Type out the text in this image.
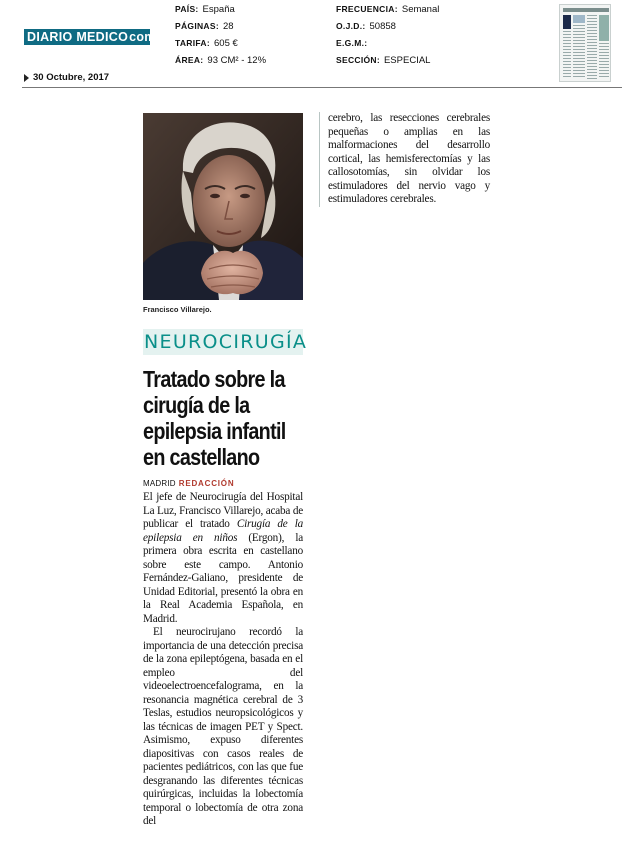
DIARIO MEDICOcom
PAÍS: España
PÁGINAS: 28
TARIFA: 605 €
ÁREA: 93 CM² - 12%
FRECUENCIA: Semanal
O.J.D.: 50858
E.G.M.:
SECCIÓN: ESPECIAL
30 Octubre, 2017
Francisco Villarejo.
NEUROCIRUGÍA
Tratado sobre la
cirugía de la
epilepsia infantil
en castellano
MADRID REDACCIÓN

El jefe de Neurocirugía del Hospital La Luz, Francisco Villarejo, acaba de publicar el tratado Cirugía de la epilepsia en niños (Ergon), la primera obra escrita en castellano sobre este campo. Antonio Fernández-Galiano, presidente de Unidad Editorial, presentó la obra en la Real Academia Española, en Madrid.

El neurocirujano recordó la importancia de una detección precisa de la zona epileptógena, basada en el empleo del videoelectroencefalograma, en la resonancia magnética cerebral de 3 Teslas, estudios neuropsicológicos y las técnicas de imagen PET y Spect. Asimismo, expuso diferentes diapositivas con casos reales de pacientes pediátricos, con las que fue desgranando las diferentes técnicas quirúrgicas, incluidas la lobectomía temporal o lobectomía de otra zona del

cerebro, las resecciones cerebrales pequeñas o amplias en las malformaciones del desarrollo cortical, las hemisferectomías y las callosotomías, sin olvidar los estimuladores del nervio vago y estimuladores cerebrales.
